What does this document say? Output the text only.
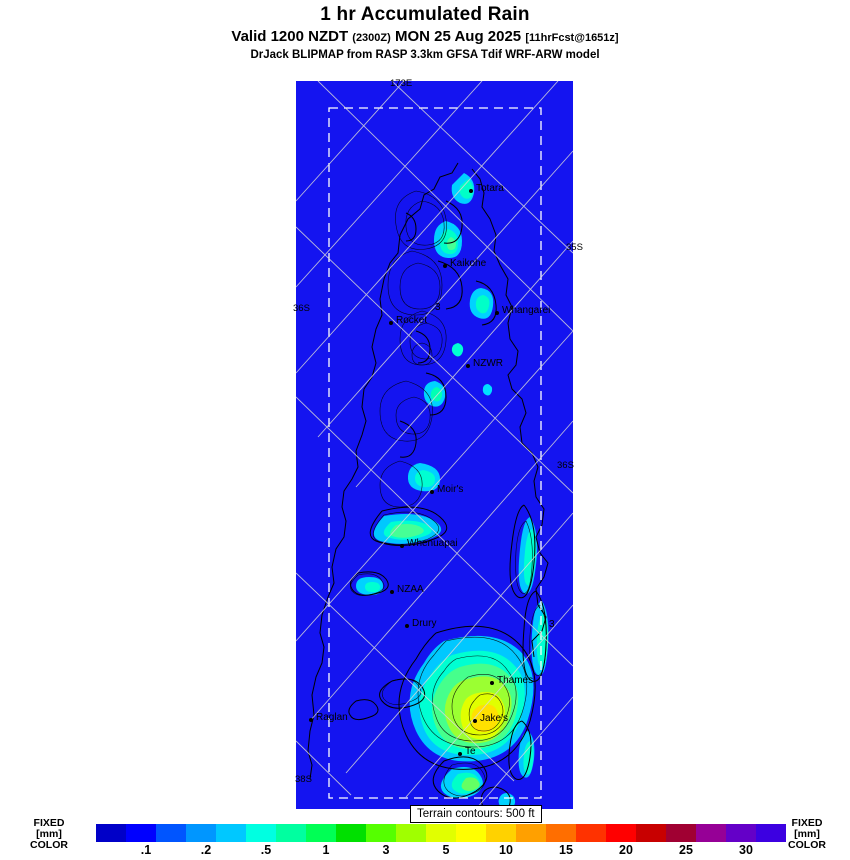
1 hr Accumulated Rain
Valid 1200 NZDT (2300Z) MON 25 Aug 2025 [11hrFcst@1651z]
DrJack BLIPMAP from RASP 3.3km GFSA Tdif WRF-ARW model
Totara
Kaikohe
Rocket
Whangarei
NZWR
Moir's
Whenuapai
NZAA
Drury
Thames
Jake's
Te
Raglan
3
3
173E
35S
36S
36S
38S
Terrain contours: 500 ft
FIXED
[mm]
COLOR	.1	.2	.5	1	3	5	10	15	20	25	30
FIXED
[mm]
COLOR
